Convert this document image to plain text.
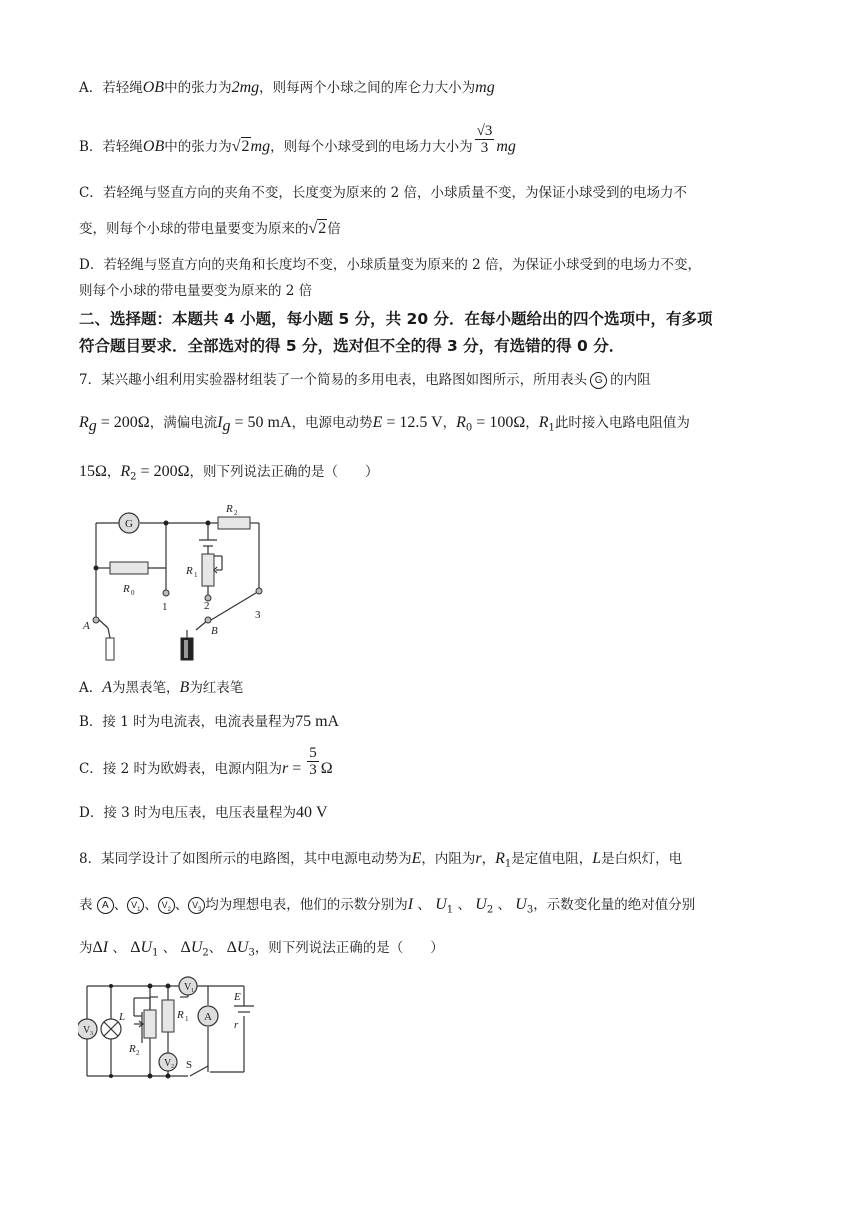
A．若轻绳OB中的张力为2mg，则每两个小球之间的库仑力大小为mg
B．若轻绳OB中的张力为√2mg，则每个小球受到的电场力大小为 $\frac{√3}{3}$ mg
C．若轻绳与竖直方向的夹角不变，长度变为原来的 2 倍，小球质量不变，为保证小球受到的电场力不
变，则每个小球的带电量要变为原来的√2倍
D．若轻绳与竖直方向的夹角和长度均不变，小球质量变为原来的 2 倍，为保证小球受到的电场力不变，
则每个小球的带电量要变为原来的 2 倍
二、选择题：本题共 4 小题，每小题 5 分，共 20 分．在每小题给出的四个选项中，有多项
符合题目要求．全部选对的得 5 分，选对但不全的得 3 分，有选错的得 0 分．
7．某兴趣小组利用实验器材组装了一个简易的多用电表，电路图如图所示，所用表头 G 的内阻
$R_g = 200\Omega$，满偏电流$I_g = 50$ mA，电源电动势E = 12.5 V，$R_0 = 100\Omega$，$R_1$此时接入电路电阻值为
15Ω，$R_2 = 200\Omega$，则下列说法正确的是（　　）
G
R 0
R 2
R 1
1	2
3
A	B
A．A为黑表笔，B为红表笔
B．接 1 时为电流表，电流表量程为75 mA
C．接 2 时为欧姆表，电源内阻为$r = \frac{5}{3}$ Ω
D．接 3 时为电压表，电压表量程为40 V
8．某同学设计了如图所示的电路图，其中电源电动势为E，内阻为r，$R_1$是定值电阻，L是白炽灯，电
表 A 、 $V_1$ 、 $V_2$ 、 $V_3$ 均为理想电表，他们的示数分别为I 、 $U_1$ 、 $U_2$ 、 $U_3$，示数变化量的绝对值分别
为ΔI 、 $\Delta U_1$ 、 $\Delta U_2$、 $\Delta U_3$，则下列说法正确的是（　　）
R 2
R 1
V 3
L
V 1
V 2
A
E
r
S
